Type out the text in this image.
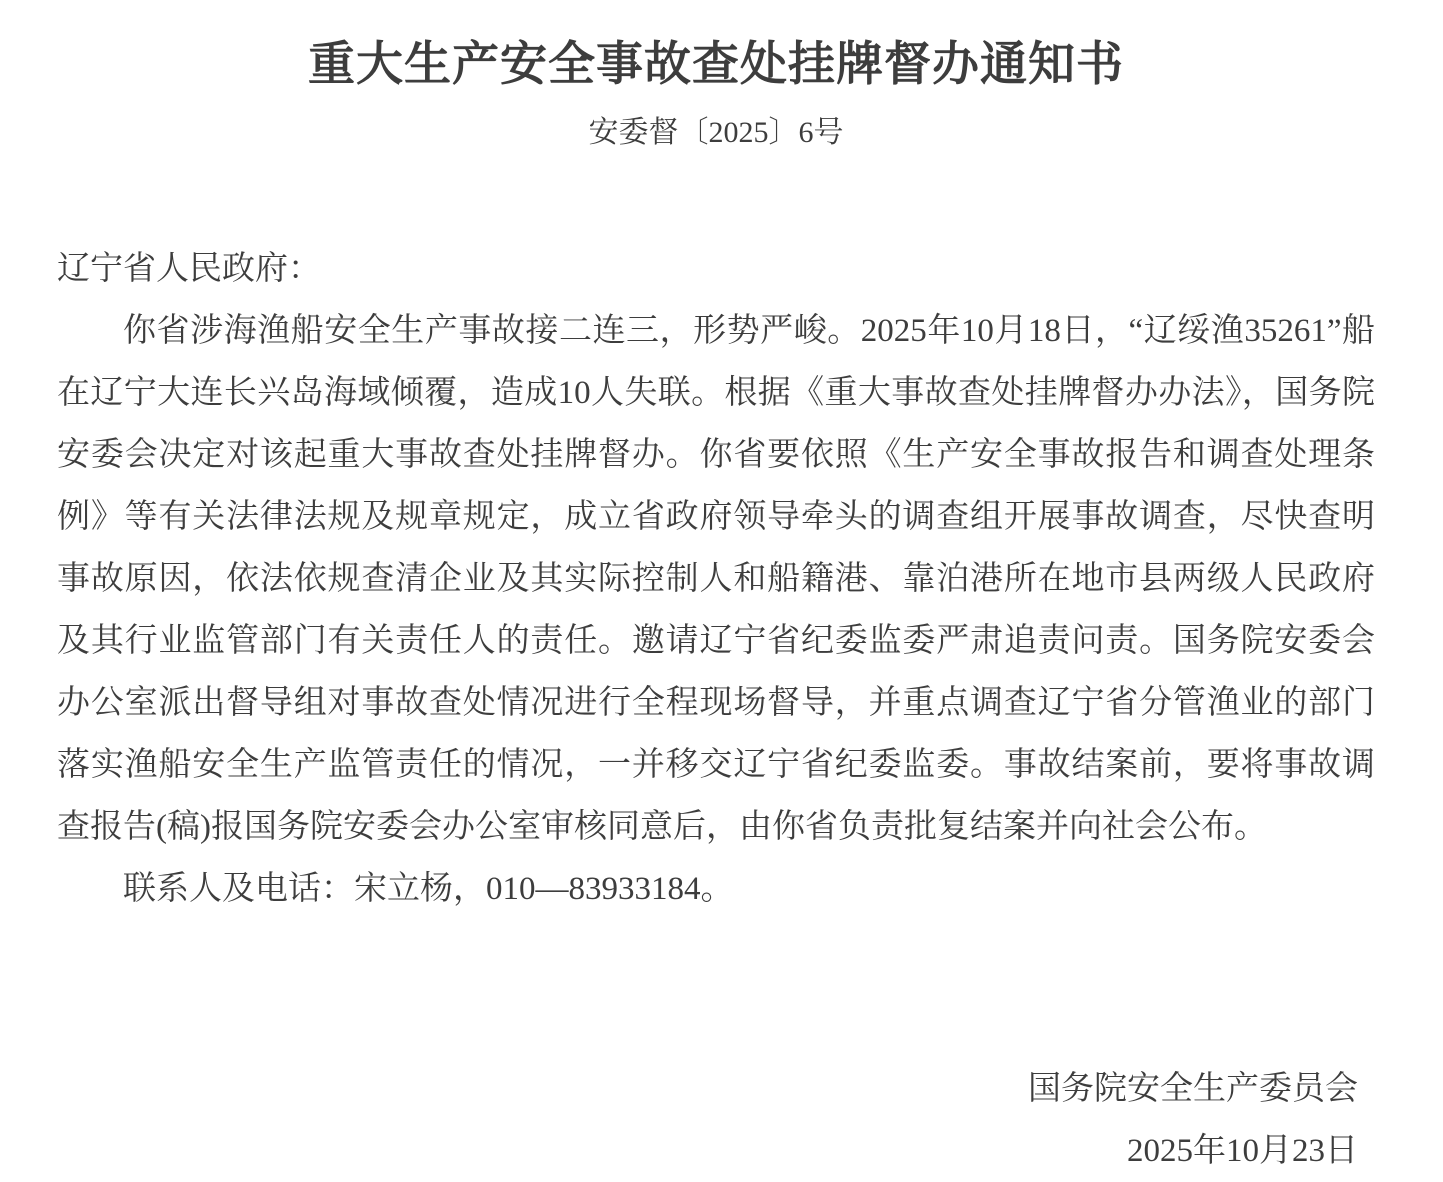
重大生产安全事故查处挂牌督办通知书
安委督〔2025〕6号
辽宁省人民政府：

你省涉海渔船安全生产事故接二连三，形势严峻。2025年10月18日，“辽绥渔35261”船在辽宁大连长兴岛海域倾覆，造成10人失联。根据《重大事故查处挂牌督办办法》，国务院安委会决定对该起重大事故查处挂牌督办。你省要依照《生产安全事故报告和调查处理条例》等有关法律法规及规章规定，成立省政府领导牵头的调查组开展事故调查，尽快查明事故原因，依法依规查清企业及其实际控制人和船籍港、靠泊港所在地市县两级人民政府及其行业监管部门有关责任人的责任。邀请辽宁省纪委监委严肃追责问责。国务院安委会办公室派出督导组对事故查处情况进行全程现场督导，并重点调查辽宁省分管渔业的部门落实渔船安全生产监管责任的情况，一并移交辽宁省纪委监委。事故结案前，要将事故调查报告(稿)报国务院安委会办公室审核同意后，由你省负责批复结案并向社会公布。

联系人及电话：宋立杨，010—83933184。

国务院安全生产委员会
2025年10月23日
